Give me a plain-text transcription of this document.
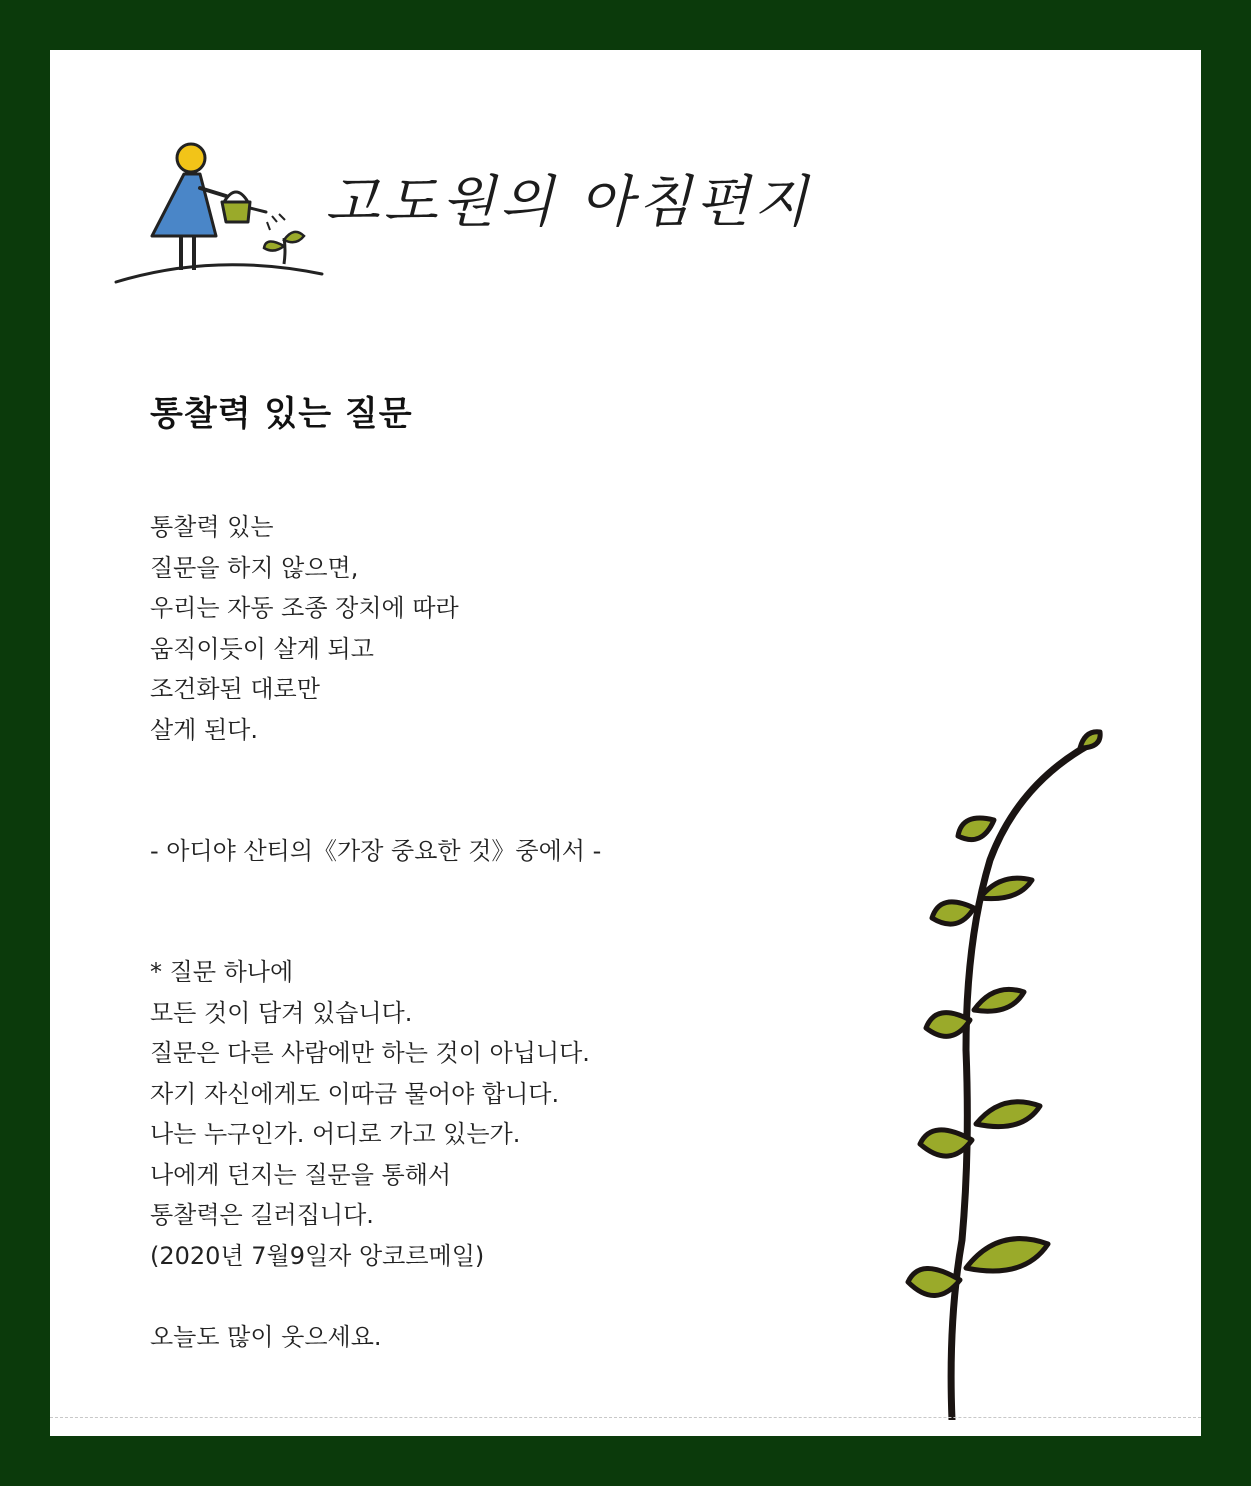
고도원의 아침편지
통찰력 있는 질문

통찰력 있는
질문을 하지 않으면,
우리는 자동 조종 장치에 따라
움직이듯이 살게 되고
조건화된 대로만
살게 된다.

- 아디야 산티의《가장 중요한 것》중에서 -

* 질문 하나에
모든 것이 담겨 있습니다.
질문은 다른 사람에만 하는 것이 아닙니다.
자기 자신에게도 이따금 물어야 합니다.
나는 누구인가. 어디로 가고 있는가.
나에게 던지는 질문을 통해서
통찰력은 길러집니다.
(2020년 7월9일자 앙코르메일)

오늘도 많이 웃으세요.
